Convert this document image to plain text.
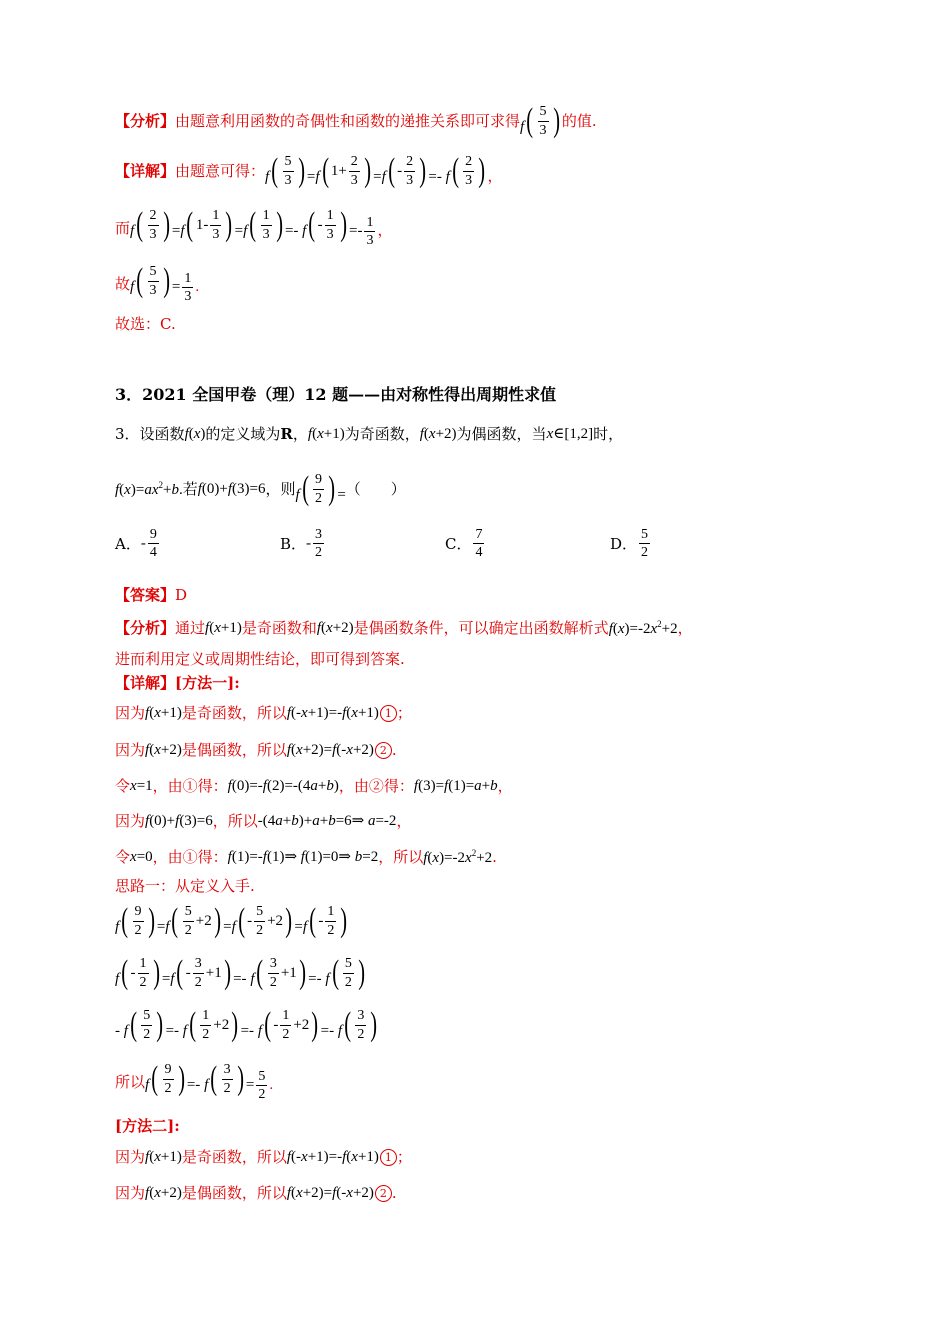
【分析】 由题意利用函数的奇偶性和函数的递推关系即可求得 f ( $\frac{5}{3}$ ) 的值.
【详解】 由题意可得： f ( $\frac{5}{3}$ ) =f ( $1+ \frac{2}{3}$ ) =f ( - $\frac{2}{3}$ ) =- f ( $\frac{2}{3}$ ) ，
而 f ( $\frac{2}{3}$ ) =f ( $1- \frac{1}{3}$ ) =f ( $\frac{1}{3}$ ) =- f ( - $\frac{1}{3}$ ) =- $\frac{1}{3}$ ，
故 f ( $\frac{5}{3}$ ) = $\frac{1}{3}$ .
故选：C.
3．2021 全国甲卷（理）12 题——由对称性得出周期性求值
3． 设函数 f(x) 的定义域为 R ， f(x+1) 为奇函数， f(x+2) 为偶函数，当 x∈[1,2] 时，
$f(x)=ax^2+b$. 若 f(0)+f(3)=6 ，则 f ( $\frac{9}{2}$ ) = （　　）
A． - $\frac{9}{4}$	B． - $\frac{3}{2}$	C． $\frac{7}{4}$	D． $\frac{5}{2}$
【答案】 D
【分析】 通过 f(x+1) 是奇函数和 f(x+2) 是偶函数条件，可以确定出函数解析式 $f(x)=-2x^2+2$，
进而利用定义或周期性结论，即可得到答案.
【详解】 [方法一]:
因为 f(x+1) 是奇函数，所以 f(-x+1)=-f(x+1) 1 ；
因为 f(x+2) 是偶函数，所以 f(x+2)=f(-x+2) 2 .
令 x=1 ，由①得： f(0)=-f(2)=-(4a+b) ，由②得： f(3)=f(1)=a+b ，
因为 f(0)+f(3)=6 ，所以 -(4a+b)+a+b=6⇒ a=-2 ，
令 x=0 ，由①得： f(1)=-f(1)⇒ f(1)=0⇒ b=2 ，所以 $f(x)=-2x^2+2$ .
思路一：从定义入手.
f ( $\frac{9}{2}$ ) =f ( $\frac{5}{2} +2$ ) =f ( - $\frac{5}{2} +2$ ) =f ( - $\frac{1}{2}$ )
f ( - $\frac{1}{2}$ ) =f ( - $\frac{3}{2} +1$ ) =- f ( $\frac{3}{2} +1$ ) =- f ( $\frac{5}{2}$ )
- f ( $\frac{5}{2}$ ) =- f ( $\frac{1}{2} +2$ ) =- f ( - $\frac{1}{2} +2$ ) =- f ( $\frac{3}{2}$ )
所以 f ( $\frac{9}{2}$ ) =- f ( $\frac{3}{2}$ ) = $\frac{5}{2}$ .
[方法二]:
因为 f(x+1) 是奇函数，所以 f(-x+1)=-f(x+1) 1 ；
因为 f(x+2) 是偶函数，所以 f(x+2)=f(-x+2) 2 .
